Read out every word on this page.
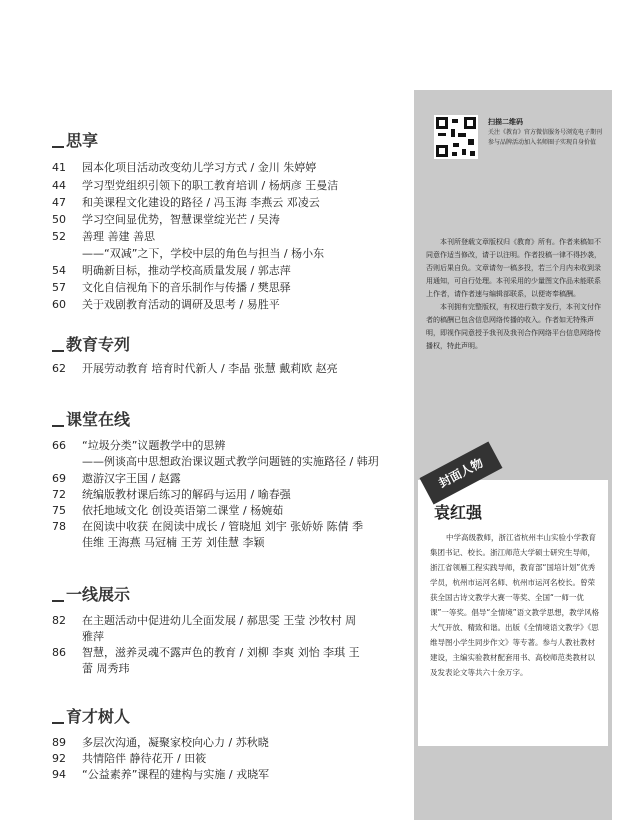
思享
41	园本化项目活动改变幼儿学习方式 / 金川 朱婷婷
44	学习型党组织引领下的职工教育培训 / 杨炳彦 王曼洁
47	和美课程文化建设的路径 / 冯玉海 李燕云 邓凌云
50	学习空间显优势，智慧课堂绽光芒 / 吴涛
52	善理 善建 善思
——“双减”之下，学校中层的角色与担当 / 杨小东
54	明确新目标，推动学校高质量发展 / 郭志萍
57	文化自信视角下的音乐制作与传播 / 樊思驿
60	关于戏剧教育活动的调研及思考 / 易胜平
教育专列
62	开展劳动教育 培育时代新人 / 李晶 张慧 戴莉欧 赵亮
课堂在线
66	“垃圾分类”议题教学中的思辨
——例谈高中思想政治课议题式教学问题链的实施路径 / 韩玥
69	遨游汉字王国 / 赵露
72	统编版教材课后练习的解码与运用 / 喻春强
75	依托地域文化 创设英语第二课堂 / 杨婉茹
78	在阅读中收获 在阅读中成长 / 管晓旭 刘宇 张娇娇 陈倩 季佳维 王海燕 马冠楠 王芳 刘佳慧 李颖
一线展示
82	在主题活动中促进幼儿全面发展 / 郝思雯 王莹 沙牧村 周雅萍
86	智慧，滋养灵魂不露声色的教育 / 刘柳 李爽 刘怡 李琪 王蕾 周秀玮
育才树人
89	多层次沟通，凝聚家校向心力 / 苏秋晓
92	共情陪伴 静待花开 / 田筱
94	“公益素养”课程的建构与实施 / 戎晓军
扫描二维码
关注《教育》官方微信服务号浏览电子期刊参与品牌活动加入名师圈子实现自身价值

本刊所登载文章版权归《教育》所有。作者来稿如不同意作适当修改，请于以注明。作者投稿一律不得抄袭，否则后果自负。文章请勿一稿多投，若三个月内未收到录用通知，可自行处理。本刊采用的少量图文作品未能联系上作者，请作者速与编辑部联系，以便寄奉稿酬。

本刊拥有完整版权，有权进行数字发行，本刊文付作者的稿酬已包含信息网络传播的收入。作者如无特殊声明，即视作同意授予我刊及我刊合作网络平台信息网络传播权，特此声明。

袁红强
中学高级教师，浙江省杭州丰山实验小学教育集团书记、校长。浙江师范大学硕士研究生导师，浙江省领雁工程实践导师，教育部“国培计划”优秀学员，杭州市运河名师、杭州市运河名校长。曾荣获全国古诗文教学大赛一等奖、全国“一师一优课”一等奖。倡导“全情境”语文教学思想，教学风格大气开放、精致和谐。出版《全情境语文教学》《思维导图小学生同步作文》等专著。参与人教社教材建设，主编实验教材配套用书、高校师范类教材以及发表论文等共六十余万字。
封面人物
